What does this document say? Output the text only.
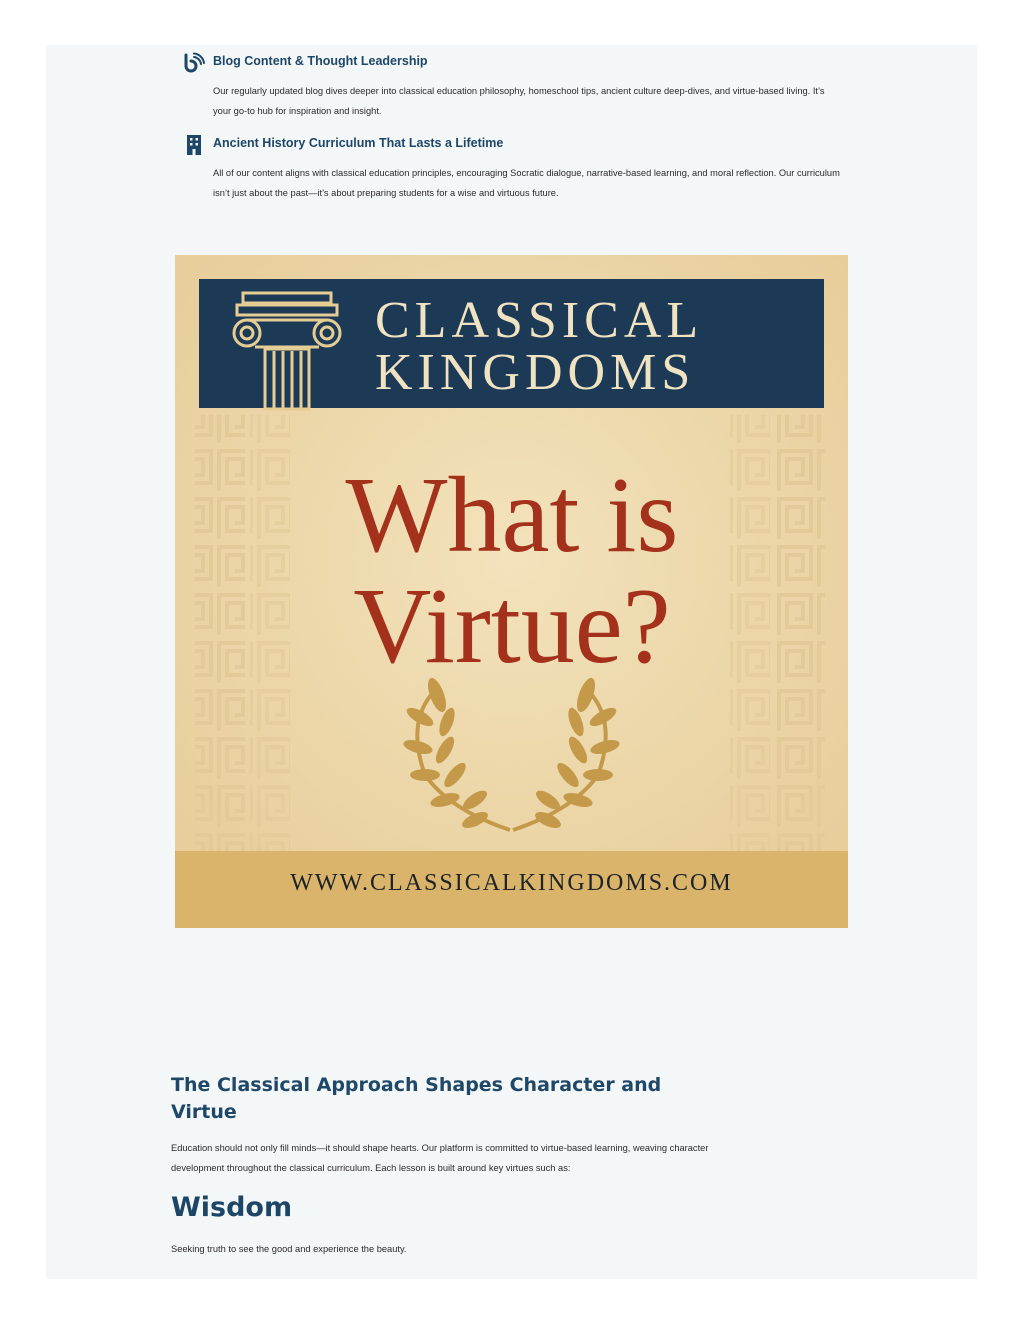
Blog Content & Thought Leadership

Our regularly updated blog dives deeper into classical education philosophy, homeschool tips, ancient culture deep-dives, and virtue-based living. It’s your go-to hub for inspiration and insight.

Ancient History Curriculum That Lasts a Lifetime

All of our content aligns with classical education principles, encouraging Socratic dialogue, narrative-based learning, and moral reflection. Our curriculum isn’t just about the past—it’s about preparing students for a wise and virtuous future.

CLASSICAL
KINGDOMS
What is
Virtue?
WWW.CLASSICALKINGDOMS.COM
The Classical Approach Shapes Character and Virtue

Education should not only fill minds—it should shape hearts. Our platform is committed to virtue-based learning, weaving character development throughout the classical curriculum. Each lesson is built around key virtues such as:

Wisdom

Seeking truth to see the good and experience the beauty.
